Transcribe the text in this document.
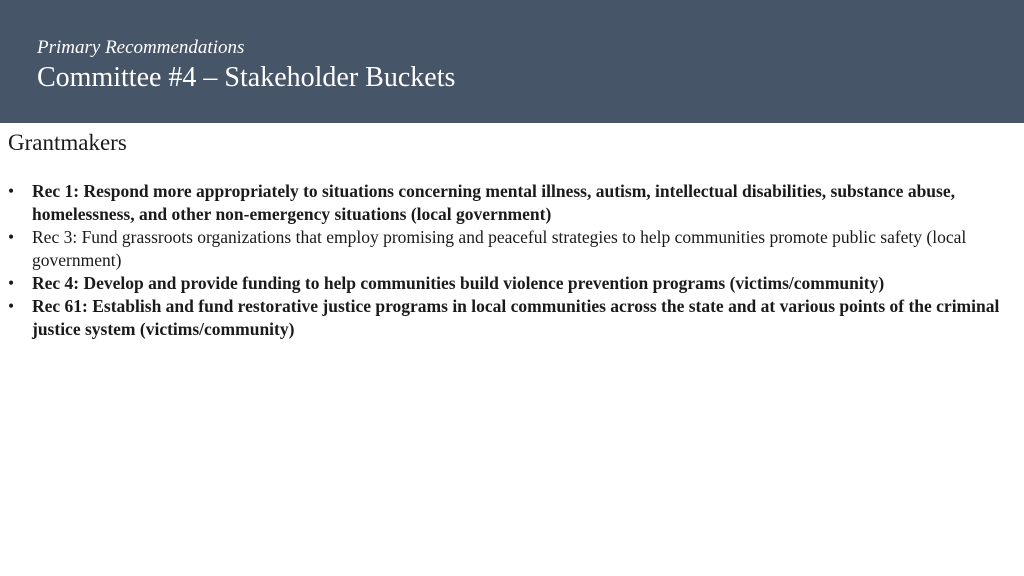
Primary Recommendations
Committee #4 – Stakeholder Buckets
Grantmakers
• Rec 1: Respond more appropriately to situations concerning mental illness, autism, intellectual disabilities, substance abuse, homelessness, and other non-emergency situations (local government)
• Rec 3: Fund grassroots organizations that employ promising and peaceful strategies to help communities promote public safety (local government)
• Rec 4: Develop and provide funding to help communities build violence prevention programs (victims/community)
• Rec 61: Establish and fund restorative justice programs in local communities across the state and at various points of the criminal justice system (victims/community)
